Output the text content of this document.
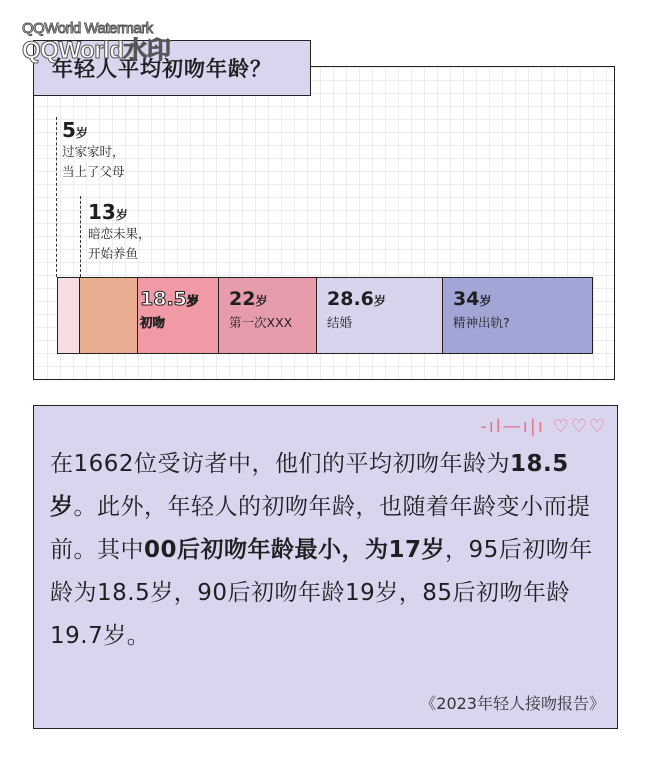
QQWorld Watermark
QQWorld水印
年轻人平均初吻年龄？
5岁
过家家时，
当上了父母
13岁
暗恋未果，
开始养鱼
18.5岁
初吻
22岁
第一次XXX
28.6岁
结婚
34岁
精神出轨?
-ıl—ı|ı ♡♡♡
在1662位受访者中，他们的平均初吻年龄为18.5岁。此外，年轻人的初吻年龄，也随着年龄变小而提前。其中00后初吻年龄最小，为17岁，95后初吻年龄为18.5岁，90后初吻年龄19岁，85后初吻年龄19.7岁。
《2023年轻人接吻报告》
